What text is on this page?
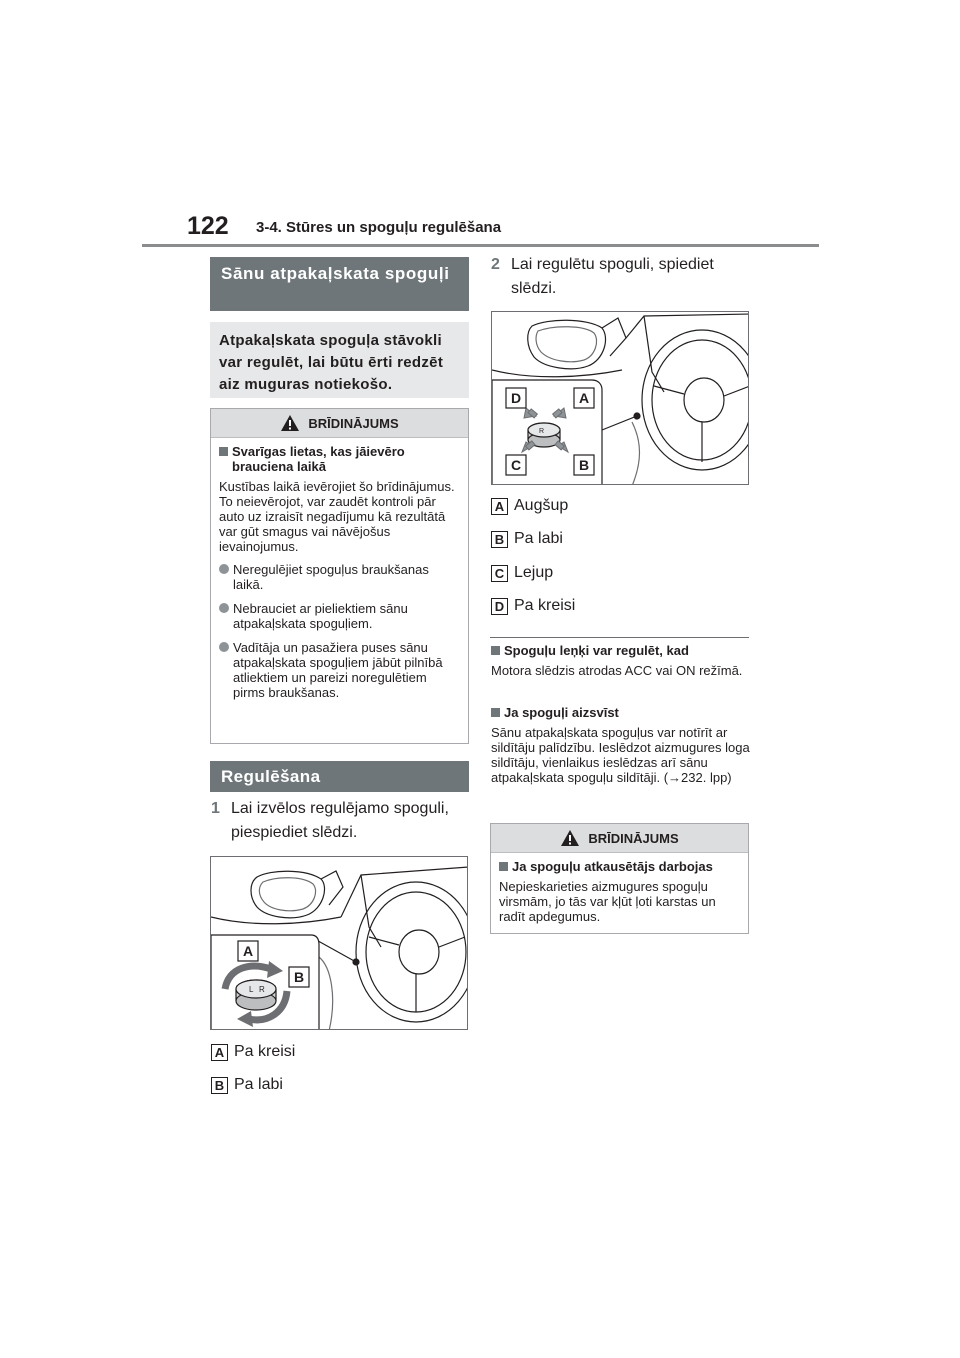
122 3-4. Stūres un spoguļu regulēšana
Sānu atpakaļskata spoguļi
Atpakaļskata spoguļa stāvokli var regulēt, lai būtu ērti redzēt aiz muguras notiekošo.
BRĪDINĀJUMS
Svarīgas lietas, kas jāievēro brauciena laikā
Kustības laikā ievērojiet šo brīdinājumus. To neievērojot, var zaudēt kontroli pār auto uz izraisīt negadījumu kā rezultātā var gūt smagus vai nāvējošus ievainojumus.
Neregulējiet spoguļus braukšanas laikā.
Nebrauciet ar pieliektiem sānu atpakaļskata spoguļiem.
Vadītāja un pasažiera puses sānu atpakaļskata spoguļiem jābūt pilnībā atliektiem un pareizi noregulētiem pirms braukšanas.
Regulēšana
1 Lai izvēlos regulējamo spoguli, piespiediet slēdzi.
L R
A
B
A Pa kreisi
B Pa labi
2 Lai regulētu spoguli, spiediet slēdzi.
R
D	A
C	B
A Augšup
B Pa labi
C Lejup
D Pa kreisi
Spoguļu leņķi var regulēt, kad
Motora slēdzis atrodas ACC vai ON režīmā.
Ja spoguļi aizsvīst
Sānu atpakaļskata spoguļus var notīrīt ar sildītāju palīdzību. Ieslēdzot aizmugures loga sildītāju, vienlaikus ieslēdzas arī sānu atpakaļskata spoguļu sildītāji. (→232. lpp)
BRĪDINĀJUMS
Ja spoguļu atkausētājs darbojas
Nepieskarieties aizmugures spoguļu virsmām, jo tās var kļūt ļoti karstas un radīt apdegumus.
